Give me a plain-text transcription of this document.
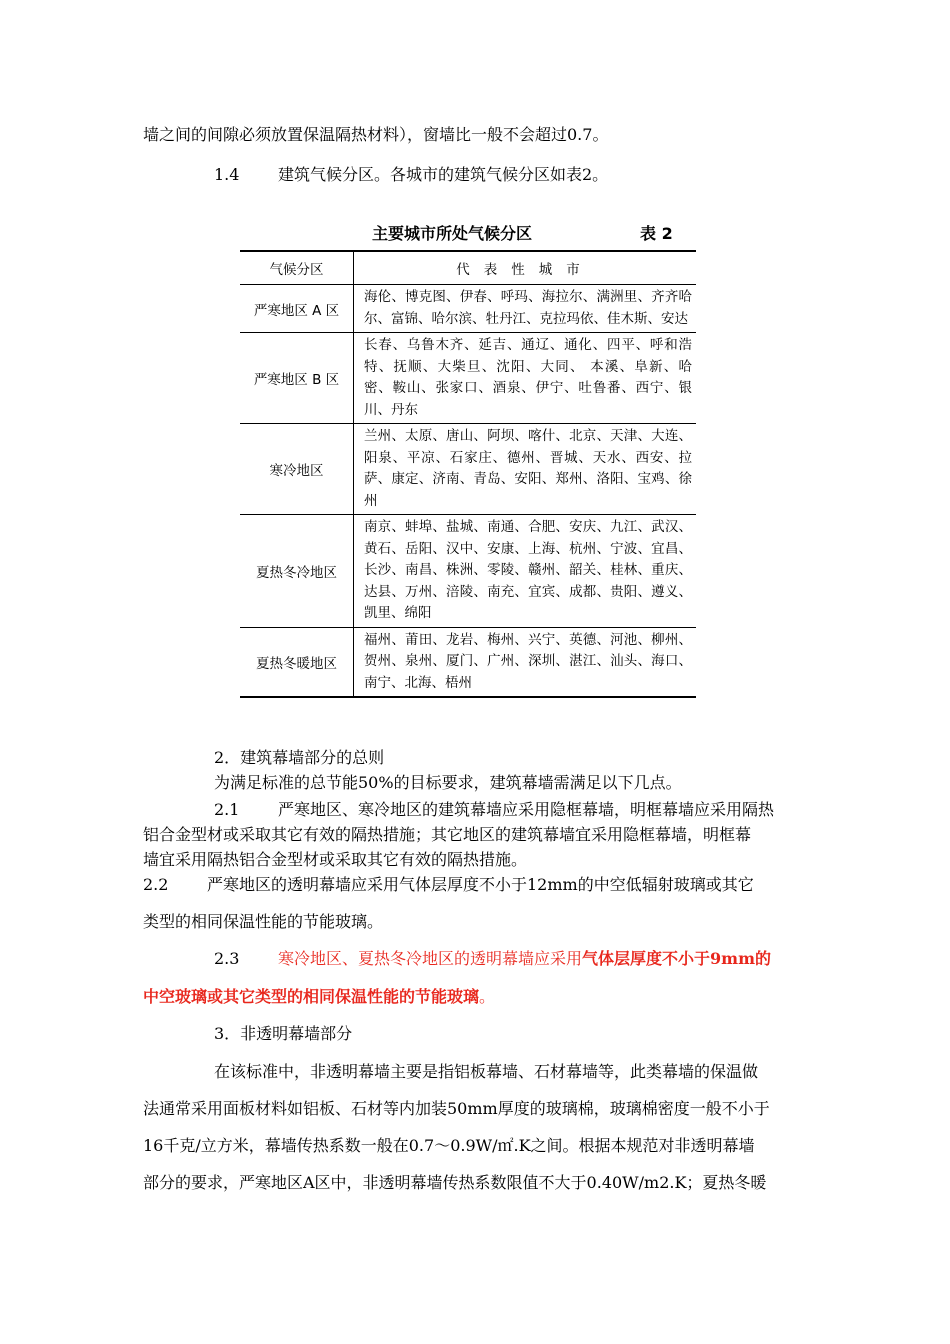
墙之间的间隙必须放置保温隔热材料），窗墙比一般不会超过0.7。
1.4 建筑气候分区。各城市的建筑气候分区如表2。
主要城市所处气候分区	表 2
气候分区	代表性城市
严寒地区 A 区	海伦、博克图、伊春、呼玛、海拉尔、满洲里、齐齐哈尔、富锦、哈尔滨、牡丹江、克拉玛依、佳木斯、安达
严寒地区 B 区	长春、乌鲁木齐、延吉、通辽、通化、四平、呼和浩特、抚顺、大柴旦、沈阳、大同、 本溪、阜新、哈密、鞍山、张家口、酒泉、伊宁、吐鲁番、西宁、银川、丹东
寒冷地区	兰州、太原、唐山、阿坝、喀什、北京、天津、大连、阳泉、平凉、石家庄、德州、晋城、天水、西安、拉萨、康定、济南、青岛、安阳、郑州、洛阳、宝鸡、徐州
夏热冬冷地区	南京、蚌埠、盐城、南通、合肥、安庆、九江、武汉、黄石、岳阳、汉中、安康、上海、杭州、宁波、宜昌、长沙、南昌、株洲、零陵、赣州、韶关、桂林、重庆、达县、万州、涪陵、南充、宜宾、成都、贵阳、遵义、凯里、绵阳
夏热冬暖地区	福州、莆田、龙岩、梅州、兴宁、英德、河池、柳州、贺州、泉州、厦门、广州、深圳、湛江、汕头、海口、南宁、北海、梧州
2．建筑幕墙部分的总则
为满足标准的总节能50%的目标要求，建筑幕墙需满足以下几点。
2.1 严寒地区、寒冷地区的建筑幕墙应采用隐框幕墙，明框幕墙应采用隔热
铝合金型材或采取其它有效的隔热措施；其它地区的建筑幕墙宜采用隐框幕墙，明框幕
墙宜采用隔热铝合金型材或采取其它有效的隔热措施。
2.2 严寒地区的透明幕墙应采用气体层厚度不小于12mm的中空低辐射玻璃或其它
类型的相同保温性能的节能玻璃。
2.3 寒冷地区、夏热冬冷地区的透明幕墙应采用气体层厚度不小于9mm的
中空玻璃或其它类型的相同保温性能的节能玻璃。
3．非透明幕墙部分
在该标准中，非透明幕墙主要是指铝板幕墙、石材幕墙等，此类幕墙的保温做
法通常采用面板材料如铝板、石材等内加装50mm厚度的玻璃棉，玻璃棉密度一般不小于
16千克/立方米，幕墙传热系数一般在0.7～0.9W/㎡.K之间。根据本规范对非透明幕墙
部分的要求，严寒地区A区中，非透明幕墙传热系数限值不大于0.40W/m2.K；夏热冬暖
